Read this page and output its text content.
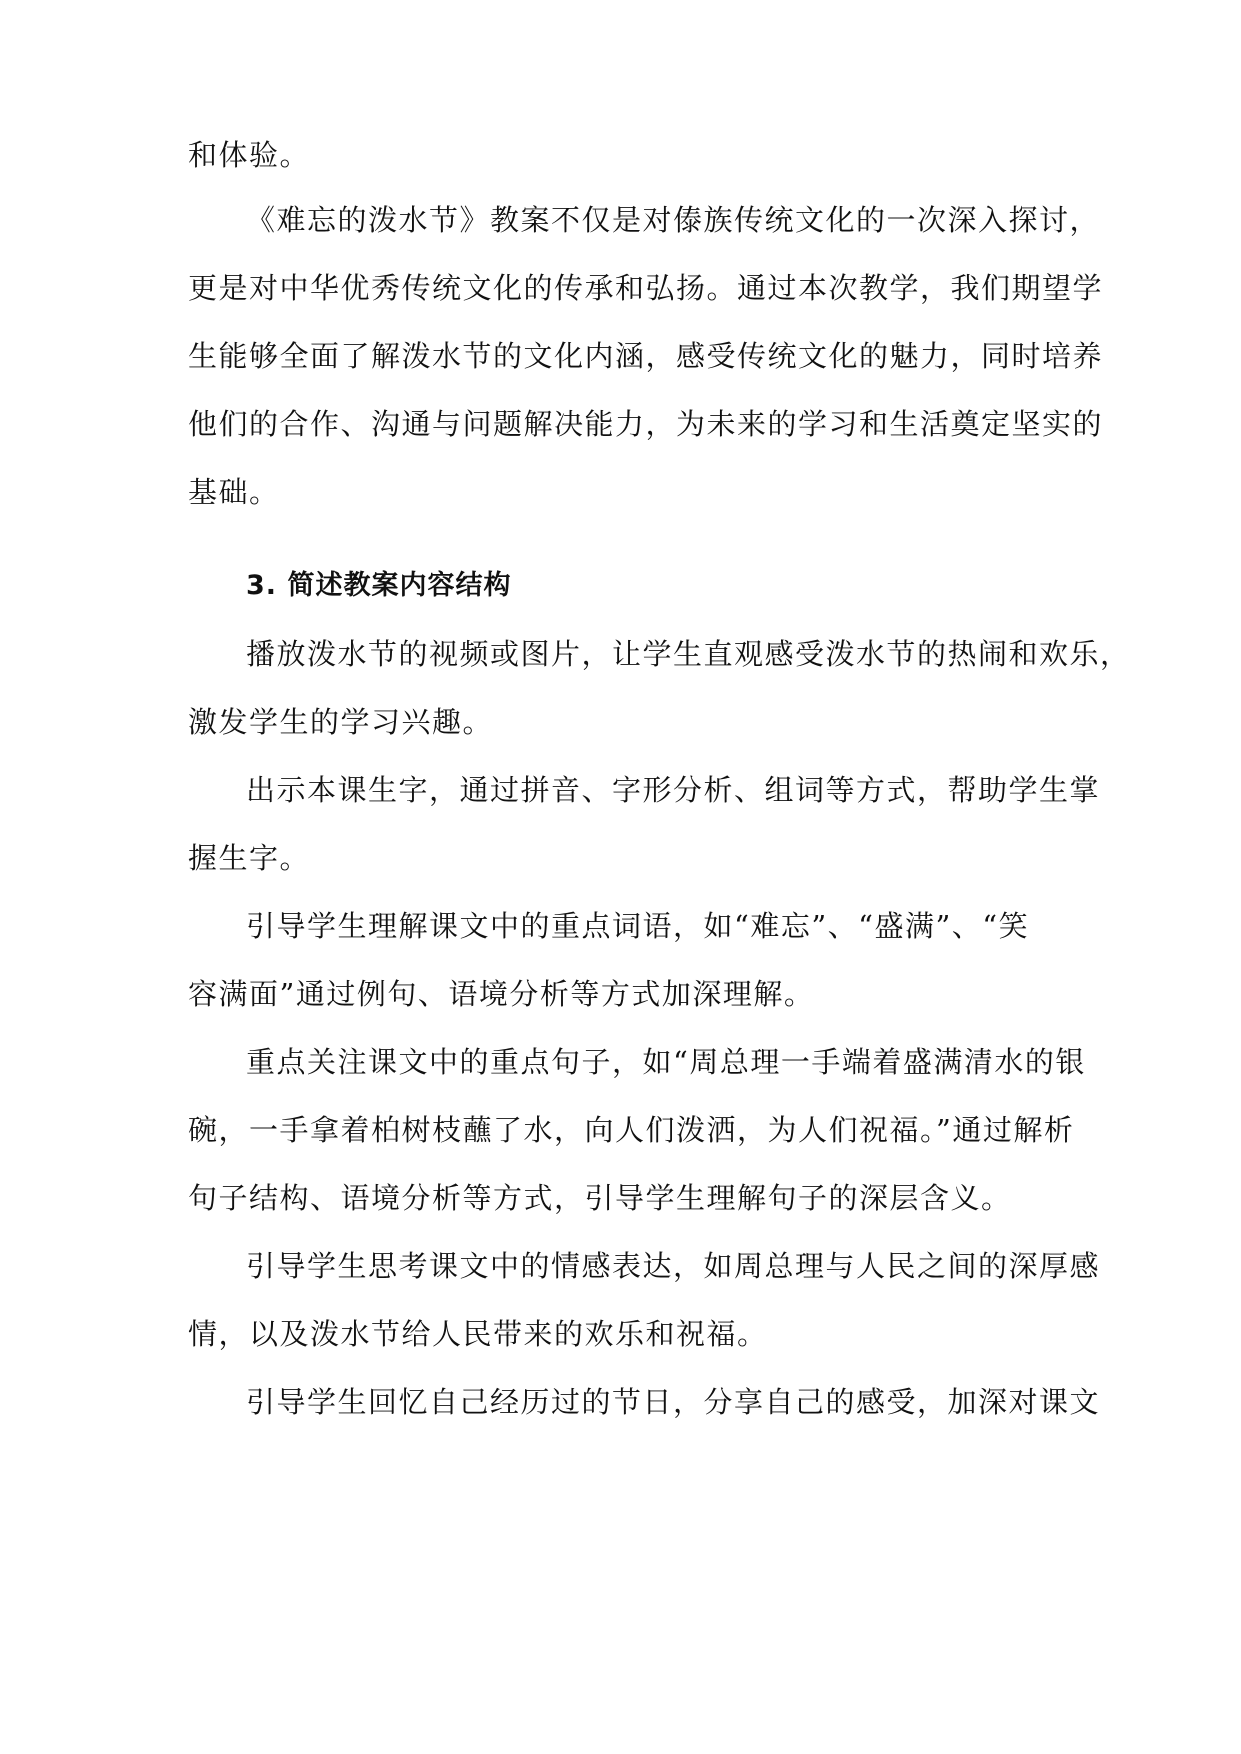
和体验。

《难忘的泼水节》教案不仅是对傣族传统文化的一次深入探讨，

更是对中华优秀传统文化的传承和弘扬。通过本次教学，我们期望学

生能够全面了解泼水节的文化内涵，感受传统文化的魅力，同时培养

他们的合作、沟通与问题解决能力，为未来的学习和生活奠定坚实的

基础。

3. 简述教案内容结构

播放泼水节的视频或图片，让学生直观感受泼水节的热闹和欢乐，

激发学生的学习兴趣。

出示本课生字，通过拼音、字形分析、组词等方式，帮助学生掌

握生字。

引导学生理解课文中的重点词语，如“难忘”、“盛满”、“笑

容满面”通过例句、语境分析等方式加深理解。

重点关注课文中的重点句子，如“周总理一手端着盛满清水的银

碗，一手拿着柏树枝蘸了水，向人们泼洒，为人们祝福。”通过解析

句子结构、语境分析等方式，引导学生理解句子的深层含义。

引导学生思考课文中的情感表达，如周总理与人民之间的深厚感

情，以及泼水节给人民带来的欢乐和祝福。

引导学生回忆自己经历过的节日，分享自己的感受，加深对课文
